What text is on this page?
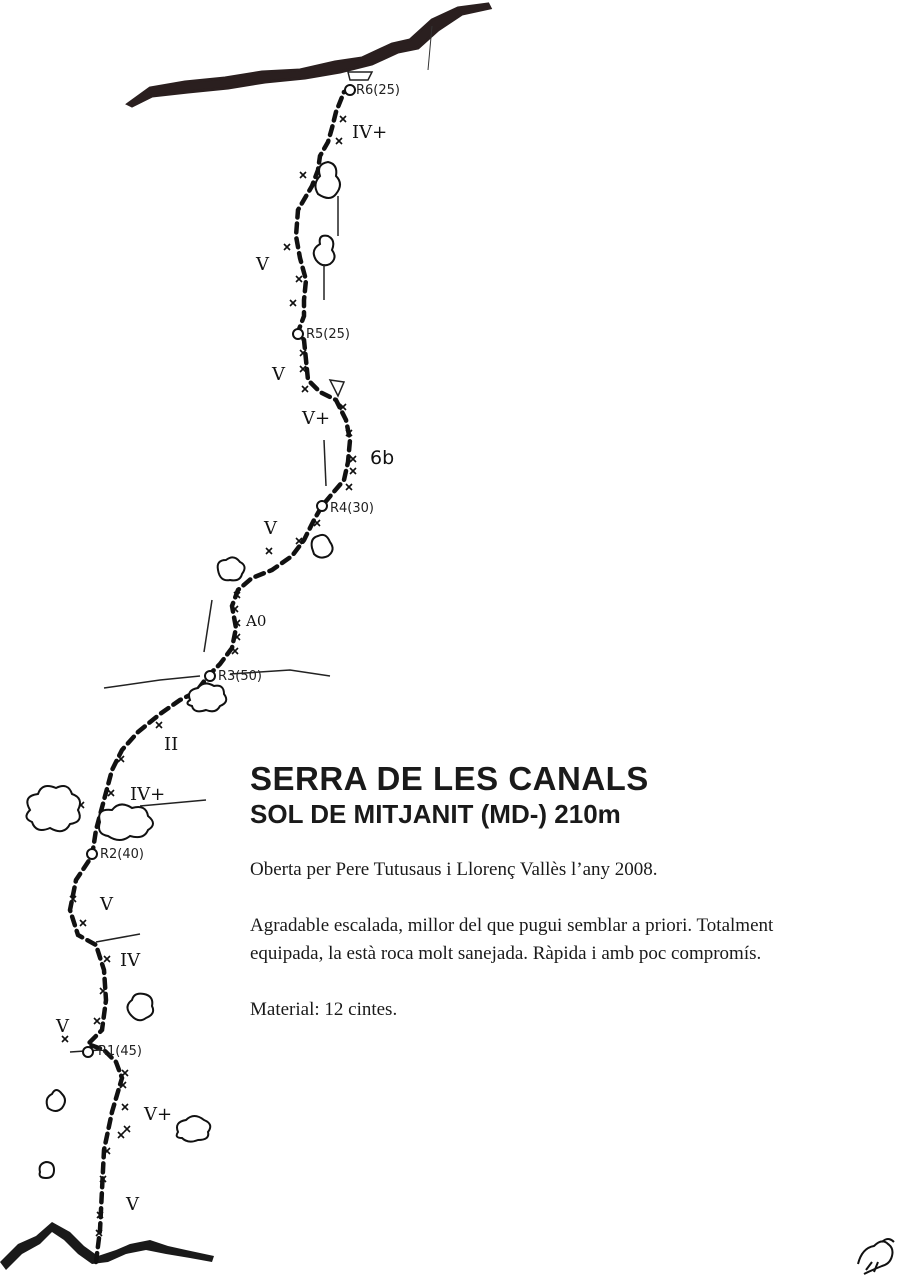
R1(45)
R2(40)
R3(50)
R4(30)
R5(25)
R6(25)
V
V+
V
IV
V
IV+
II
A0
V
6b
V+
V
V
IV+
SERRA DE LES CANALS
SOL DE MITJANIT (MD-) 210m

Oberta per Pere Tutusaus i Llorenç Vallès l’any 2008.

Agradable escalada, millor del que pugui semblar a priori. Totalment equipada, la està roca molt sanejada. Ràpida i amb poc compromís.

Material: 12 cintes.
